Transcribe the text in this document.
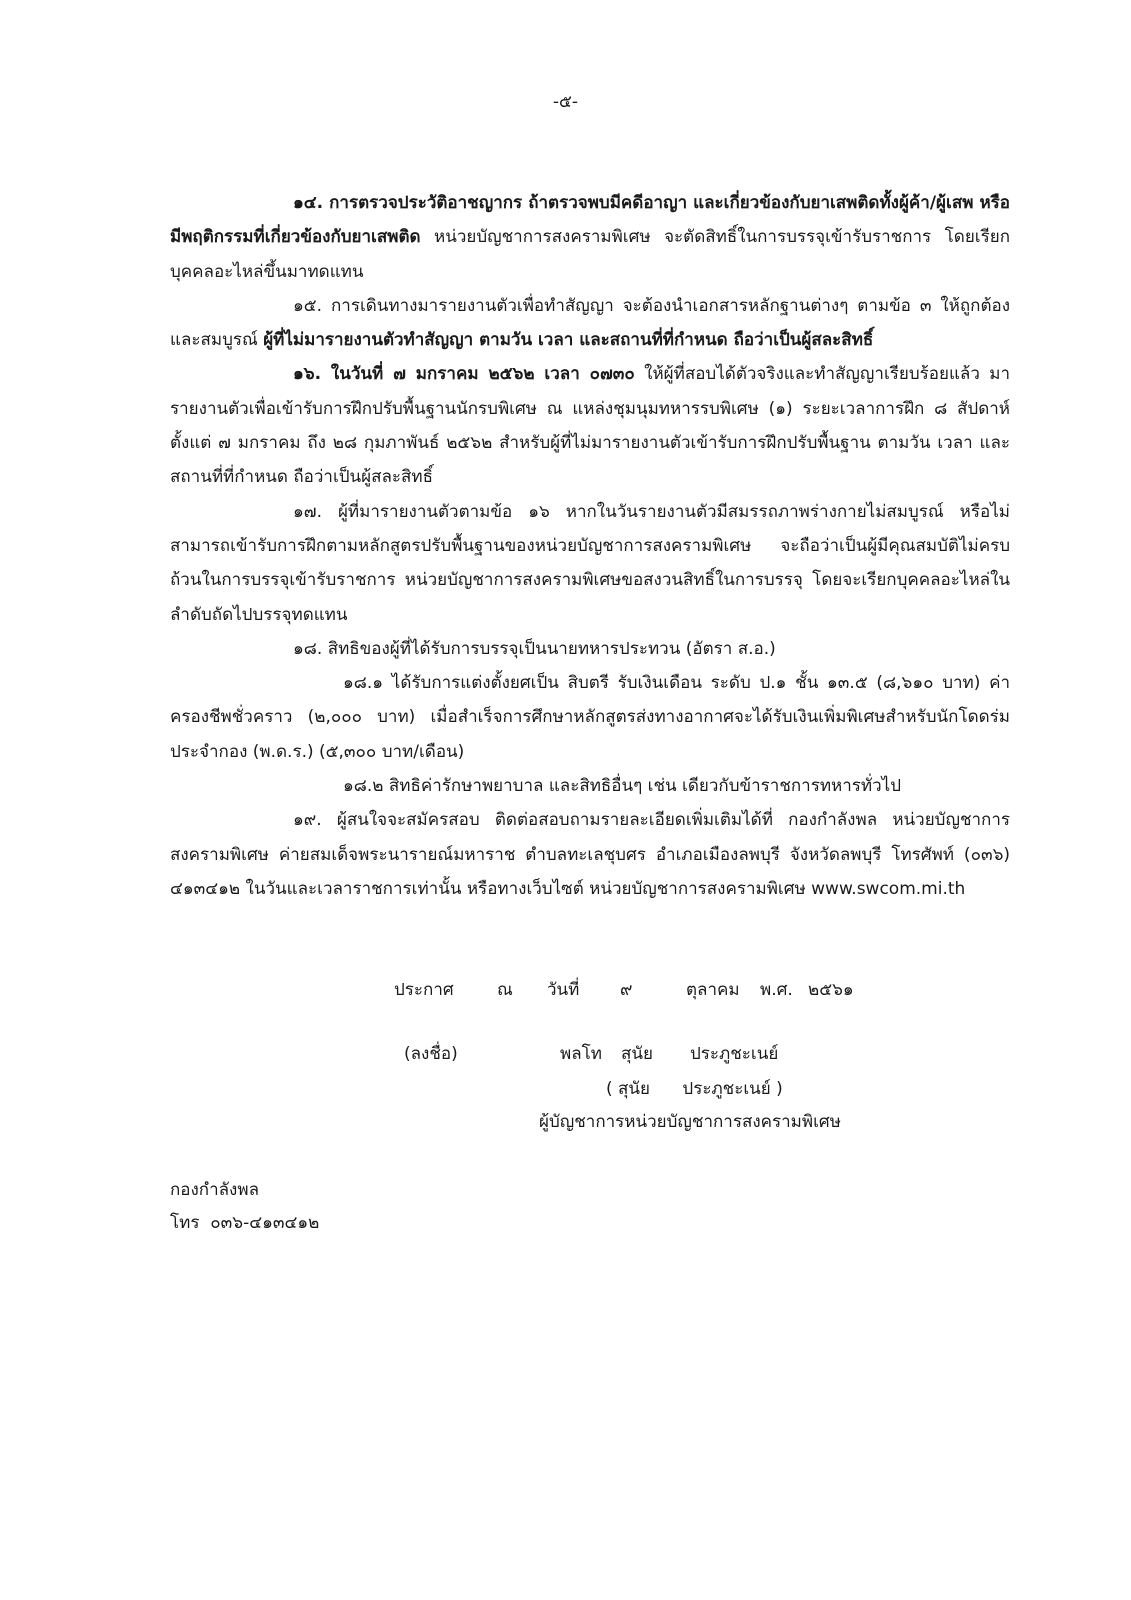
-๕-

๑๔. การตรวจประวัติอาชญากร ถ้าตรวจพบมีคดีอาญา และเกี่ยวข้องกับยาเสพติดทั้งผู้ค้า/ผู้เสพ หรือมีพฤติกรรมที่เกี่ยวข้องกับยาเสพติด หน่วยบัญชาการสงครามพิเศษ จะตัดสิทธิ์ในการบรรจุเข้ารับราชการ โดยเรียกบุคคลอะไหล่ขึ้นมาทดแทน

๑๕. การเดินทางมารายงานตัวเพื่อทำสัญญา จะต้องนำเอกสารหลักฐานต่างๆ ตามข้อ ๓ ให้ถูกต้องและสมบูรณ์ ผู้ที่ไม่มารายงานตัวทำสัญญา ตามวัน เวลา และสถานที่ที่กำหนด ถือว่าเป็นผู้สละสิทธิ์

๑๖. ในวันที่ ๗ มกราคม ๒๕๖๒ เวลา ๐๗๓๐ ให้ผู้ที่สอบได้ตัวจริงและทำสัญญาเรียบร้อยแล้ว มารายงานตัวเพื่อเข้ารับการฝึกปรับพื้นฐานนักรบพิเศษ ณ แหล่งชุมนุมทหารรบพิเศษ (๑) ระยะเวลาการฝึก ๘ สัปดาห์ ตั้งแต่ ๗ มกราคม ถึง ๒๘ กุมภาพันธ์ ๒๕๖๒ สำหรับผู้ที่ไม่มารายงานตัวเข้ารับการฝึกปรับพื้นฐาน ตามวัน เวลา และสถานที่ที่กำหนด ถือว่าเป็นผู้สละสิทธิ์

๑๗. ผู้ที่มารายงานตัวตามข้อ ๑๖ หากในวันรายงานตัวมีสมรรถภาพร่างกายไม่สมบูรณ์ หรือไม่สามารถเข้ารับการฝึกตามหลักสูตรปรับพื้นฐานของหน่วยบัญชาการสงครามพิเศษ จะถือว่าเป็นผู้มีคุณสมบัติไม่ครบถ้วนในการบรรจุเข้ารับราชการ หน่วยบัญชาการสงครามพิเศษขอสงวนสิทธิ์ในการบรรจุ โดยจะเรียกบุคคลอะไหล่ในลำดับถัดไปบรรจุทดแทน

๑๘. สิทธิของผู้ที่ได้รับการบรรจุเป็นนายทหารประทวน (อัตรา ส.อ.)

๑๘.๑ ได้รับการแต่งตั้งยศเป็น สิบตรี รับเงินเดือน ระดับ ป.๑ ชั้น ๑๓.๕ (๘,๖๑๐ บาท) ค่าครองชีพชั่วคราว (๒,๐๐๐ บาท) เมื่อสำเร็จการศึกษาหลักสูตรส่งทางอากาศจะได้รับเงินเพิ่มพิเศษสำหรับนักโดดร่มประจำกอง (พ.ด.ร.) (๕,๓๐๐ บาท/เดือน)

๑๘.๒ สิทธิค่ารักษาพยาบาล และสิทธิอื่นๆ เช่น เดียวกับข้าราชการทหารทั่วไป

๑๙. ผู้สนใจจะสมัครสอบ ติดต่อสอบถามรายละเอียดเพิ่มเติมได้ที่ กองกำลังพล หน่วยบัญชาการสงครามพิเศษ ค่ายสมเด็จพระนารายณ์มหาราช ตำบลทะเลชุบศร อำเภอเมืองลพบุรี จังหวัดลพบุรี โทรศัพท์ (๐๓๖) ๔๑๓๔๑๒ ในวันและเวลาราชการเท่านั้น หรือทางเว็บไซต์ หน่วยบัญชาการสงครามพิเศษ www.swcom.mi.th

ประกาศ	ณ วันที่ ๙	ตุลาคม พ.ศ. ๒๕๖๑
(ลงชื่อ)	พลโท สุนัย ประภูชะเนย์
( สุนัย      ประภูชะเนย์ )
ผู้บัญชาการหน่วยบัญชาการสงครามพิเศษ
กองกำลังพล
โทร  ๐๓๖-๔๑๓๔๑๒
